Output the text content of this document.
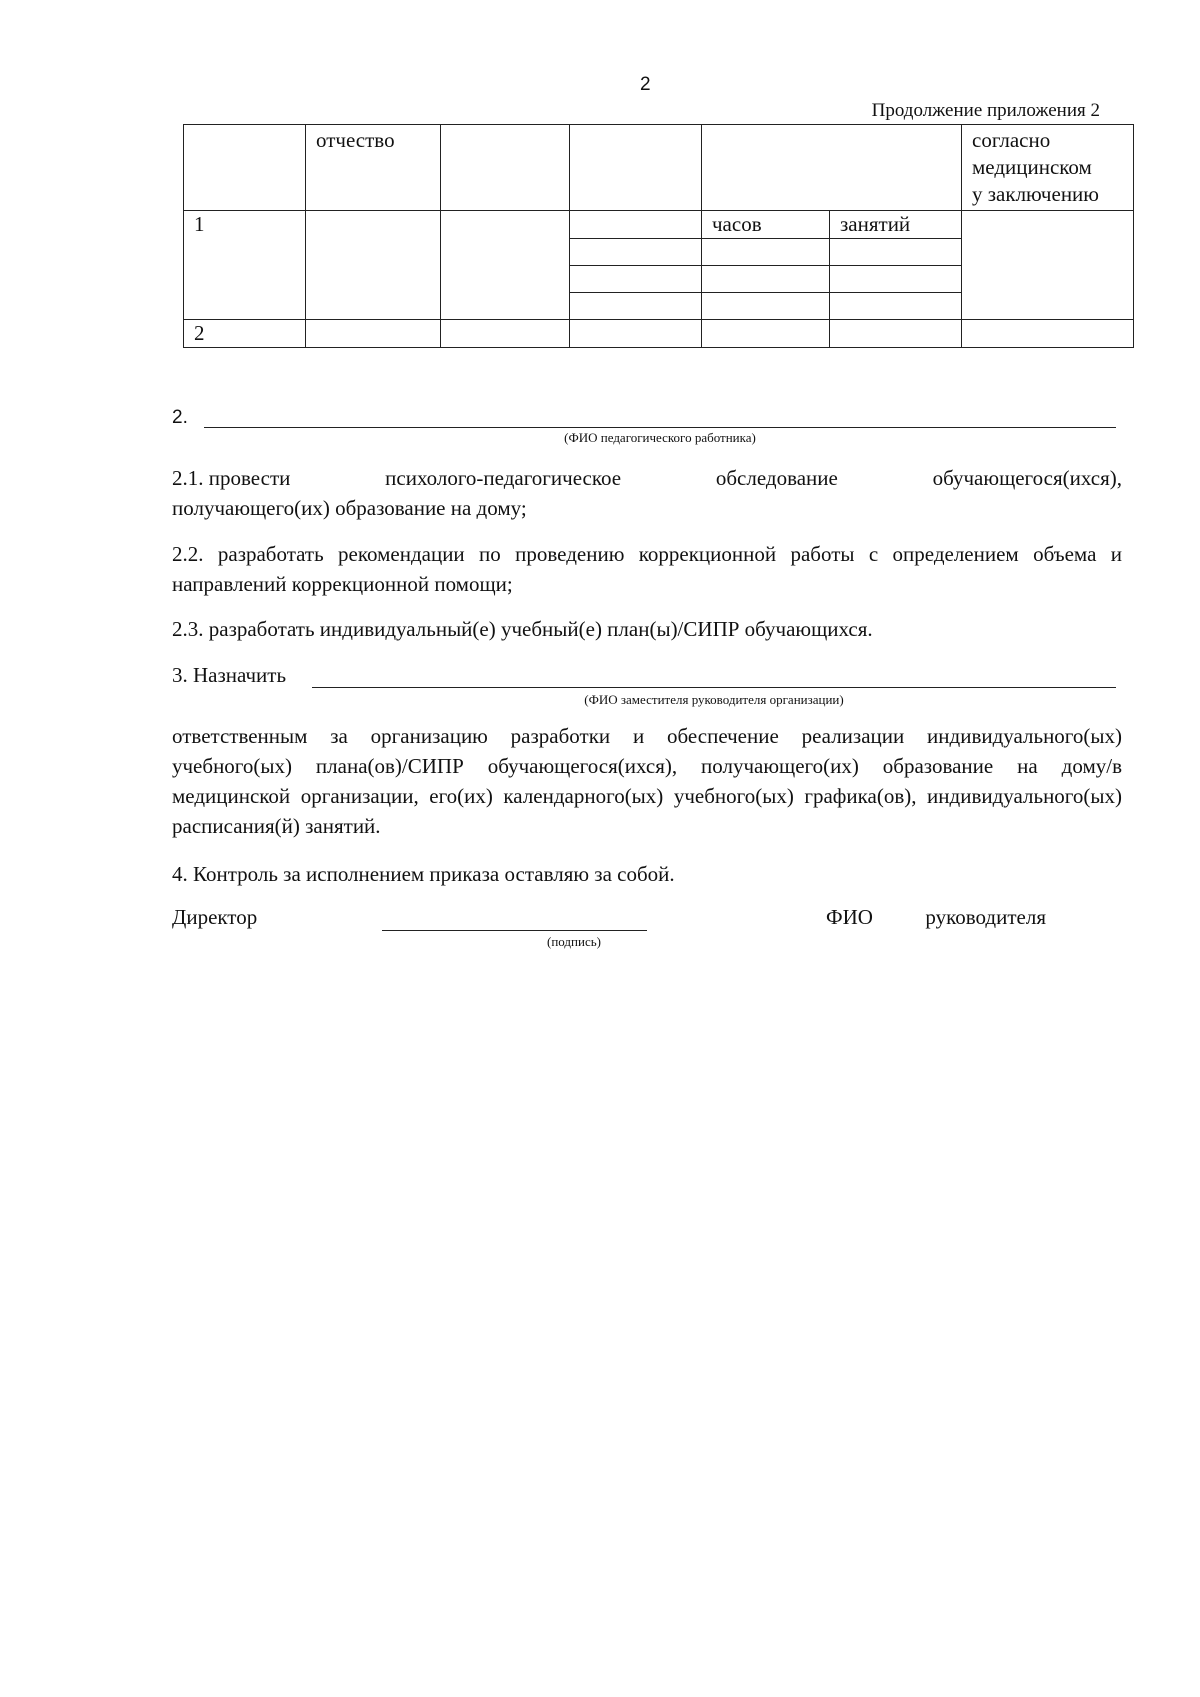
2
Продолжение приложения 2
	отчество					согласно
медицинском
у заключению

1				часов	занятий	

2						
2.
(ФИО педагогического работника)
2.1. провести	психолого-педагогическое	обследование	обучающегося(ихся),
получающего(их) образование на дому;

2.2. разработать рекомендации по проведению коррекционной работы с определением объема и направлений коррекционной помощи;

2.3. разработать индивидуальный(е) учебный(е) план(ы)/СИПР обучающихся.

3. Назначить
(ФИО заместителя руководителя организации)

ответственным за организацию разработки и обеспечение реализации индивидуального(ых) учебного(ых) плана(ов)/СИПР обучающегося(ихся), получающего(их) образование на дому/в медицинской организации, его(их) календарного(ых) учебного(ых) графика(ов), индивидуального(ых) расписания(й) занятий.

4. Контроль за исполнением приказа оставляю за собой.

Директор
(подпись)
ФИО руководителя
